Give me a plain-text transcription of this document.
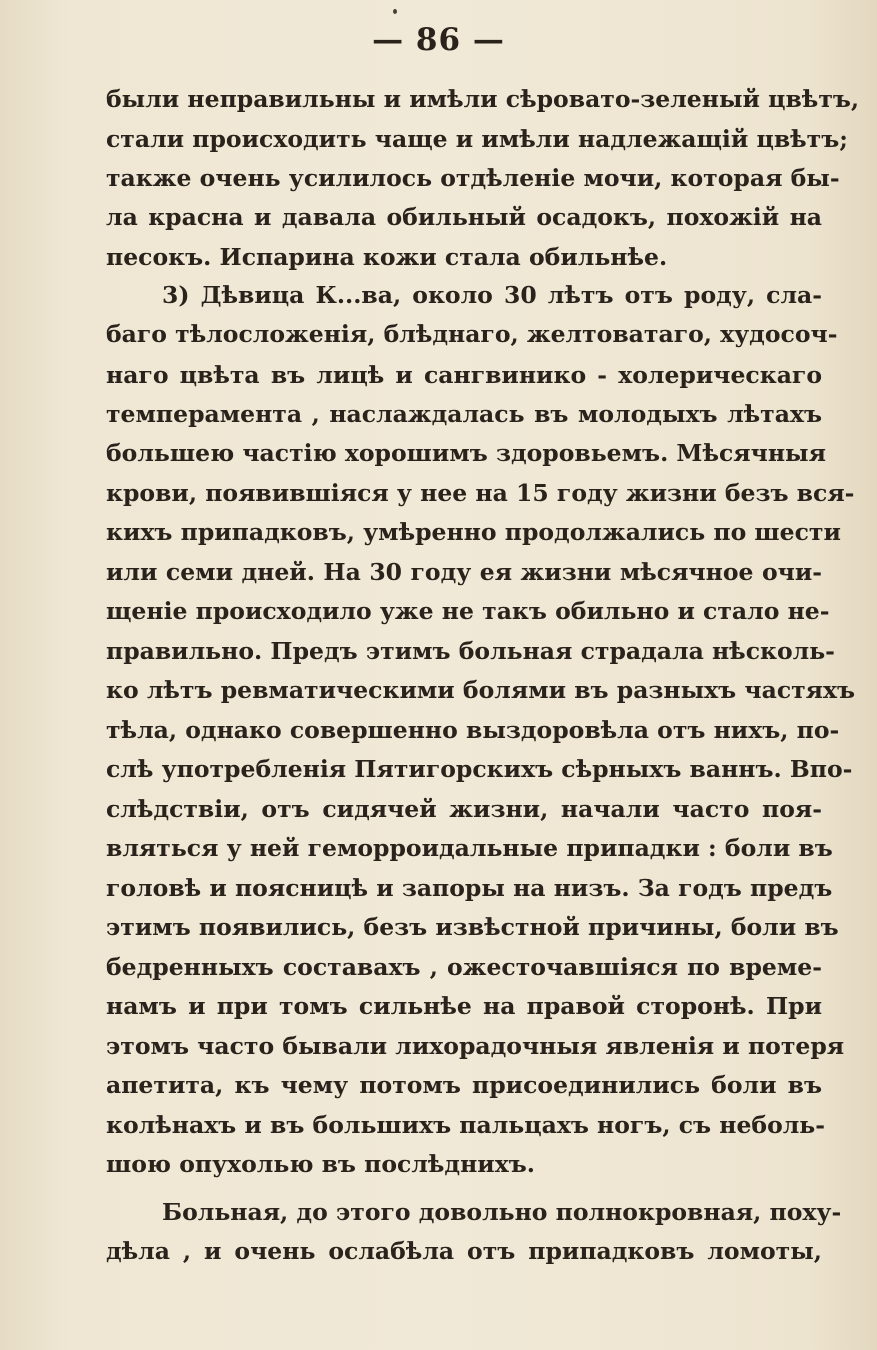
— 86 —
были неправильны и имѣли сѣровато-зеленый цвѣтъ,
стали происходить чаще и имѣли надлежащій цвѣтъ;
также очень усилилось отдѣленіе мочи, которая бы-
ла красна и давала обильный осадокъ, похожій на
песокъ. Испарина кожи стала обильнѣе.
3) Дѣвица К...ва, около 30 лѣтъ отъ роду, сла-
баго тѣлосложенія, блѣднаго, желтоватаго, худосоч-
наго цвѣта въ лицѣ и сангвинико - холерическаго
темперамента , наслаждалась въ молодыхъ лѣтахъ
большею частію хорошимъ здоровьемъ. Мѣсячныя
крови, появившіяся у нее на 15 году жизни безъ вся-
кихъ припадковъ, умѣренно продолжались по шести
или семи дней. На 30 году ея жизни мѣсячное очи-
щеніе происходило уже не такъ обильно и стало не-
правильно. Предъ этимъ больная страдала нѣсколь-
ко лѣтъ ревматическими болями въ разныхъ частяхъ
тѣла, однако совершенно выздоровѣла отъ нихъ, по-
слѣ употребленія Пятигорскихъ сѣрныхъ ваннъ. Впо-
слѣдствіи, отъ сидячей жизни, начали часто поя-
вляться у ней геморроидальные припадки : боли въ
головѣ и поясницѣ и запоры на низъ. За годъ предъ
этимъ появились, безъ извѣстной причины, боли въ
бедренныхъ составахъ , ожесточавшіяся по време-
намъ и при томъ сильнѣе на правой сторонѣ. При
этомъ часто бывали лихорадочныя явленія и потеря
апетита, къ чему потомъ присоединились боли въ
колѣнахъ и въ большихъ пальцахъ ногъ, съ неболь-
шою опухолью въ послѣднихъ.
Больная, до этого довольно полнокровная, поху-
дѣла , и очень ослабѣла отъ припадковъ ломоты,
